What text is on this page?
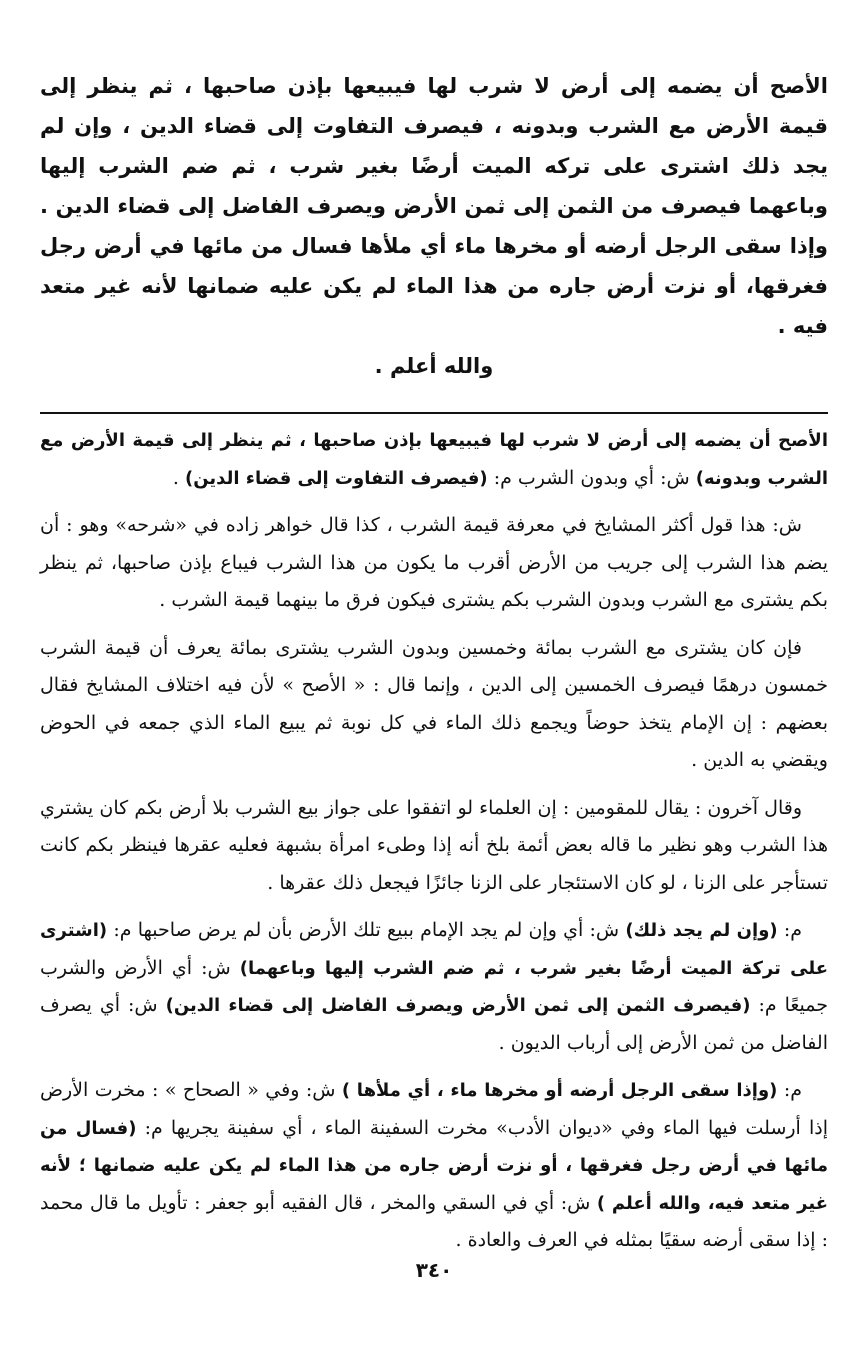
الأصح أن يضمه إلى أرض لا شرب لها فيبيعها بإذن صاحبها ، ثم ينظر إلى قيمة الأرض مع الشرب وبدونه ، فيصرف التفاوت إلى قضاء الدين ، وإن لم يجد ذلك اشترى على تركه الميت أرضًا بغير شرب ، ثم ضم الشرب إليها وباعهما فيصرف من الثمن إلى ثمن الأرض ويصرف الفاضل إلى قضاء الدين . وإذا سقى الرجل أرضه أو مخرها ماء أي ملأها فسال من مائها في أرض رجل فغرقها، أو نزت أرض جاره من هذا الماء لم يكن عليه ضمانها لأنه غير متعد فيه .
والله أعلم .

الأصح أن يضمه إلى أرض لا شرب لها فيبيعها بإذن صاحبها ، ثم ينظر إلى قيمة الأرض مع الشرب وبدونه) ش: أي وبدون الشرب م: (فيصرف التفاوت إلى قضاء الدين) .

ش: هذا قول أكثر المشايخ في معرفة قيمة الشرب ، كذا قال خواهر زاده في «شرحه» وهو : أن يضم هذا الشرب إلى جريب من الأرض أقرب ما يكون من هذا الشرب فيباع بإذن صاحبها، ثم ينظر بكم يشترى مع الشرب وبدون الشرب بكم يشترى فيكون فرق ما بينهما قيمة الشرب .

فإن كان يشترى مع الشرب بمائة وخمسين وبدون الشرب يشترى بمائة يعرف أن قيمة الشرب خمسون درهمًا فيصرف الخمسين إلى الدين ، وإنما قال : « الأصح » لأن فيه اختلاف المشايخ فقال بعضهم : إن الإمام يتخذ حوضاً ويجمع ذلك الماء في كل نوبة ثم يبيع الماء الذي جمعه في الحوض ويقضي به الدين .

وقال آخرون : يقال للمقومين : إن العلماء لو اتفقوا على جواز بيع الشرب بلا أرض بكم كان يشتري هذا الشرب وهو نظير ما قاله بعض أئمة بلخ أنه إذا وطىء امرأة بشبهة فعليه عقرها فينظر بكم كانت تستأجر على الزنا ، لو كان الاستئجار على الزنا جائزًا فيجعل ذلك عقرها .

م: (وإن لم يجد ذلك) ش: أي وإن لم يجد الإمام ببيع تلك الأرض بأن لم يرض صاحبها م: (اشترى على تركة الميت أرضًا بغير شرب ، ثم ضم الشرب إليها وباعهما) ش: أي الأرض والشرب جميعًا م: (فيصرف الثمن إلى ثمن الأرض ويصرف الفاضل إلى قضاء الدين) ش: أي يصرف الفاضل من ثمن الأرض إلى أرباب الديون .

م: (وإذا سقى الرجل أرضه أو مخرها ماء ، أي ملأها ) ش: وفي « الصحاح » : مخرت الأرض إذا أرسلت فيها الماء وفي «ديوان الأدب» مخرت السفينة الماء ، أي سفينة يجريها م: (فسال من مائها في أرض رجل فغرقها ، أو نزت أرض جاره من هذا الماء لم يكن عليه ضمانها ؛ لأنه غير متعد فيه، والله أعلم ) ش: أي في السقي والمخر ، قال الفقيه أبو جعفر : تأويل ما قال محمد : إذا سقى أرضه سقيًا بمثله في العرف والعادة .

٣٤٠
